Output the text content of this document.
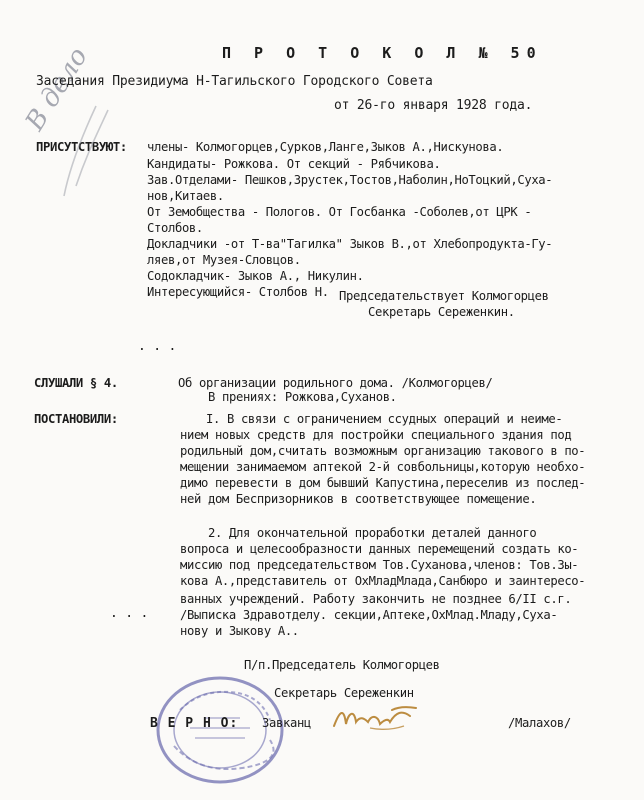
В дело	П Р О Т О К О Л № 50
Заседания Президиума Н-Тагильского Городского Совета
от 26-го января 1928 года.
ПРИСУТСТВУЮТ: члены- Колмогорцев,Сурков,Ланге,Зыков А.,Нискунова.
Кандидаты- Рожкова. От секций - Рябчикова.
Зав.Отделами- Пешков,Зрустек,Тостов,Наболин,НоТоцкий,Суха-
нов,Китаев.
От Земобщества - Пологов. От Госбанка -Соболев,от ЦРК -
Столбов.
Докладчики -от Т-ва"Тагилка" Зыков В.,от Хлебопродукта-Гу-
ляев,от Музея-Словцов.
Содокладчик- Зыков А., Никулин.
Интересующийся- Столбов Н. Председательствует Колмогорцев
Секретарь Сереженкин.
. . .
СЛУШАЛИ § 4.	Об организации родильного дома. /Колмогорцев/
В прениях: Рожкова,Суханов.
ПОСТАНОВИЛИ:	I. В связи с ограничением ссудных операций и неиме-
нием новых средств для постройки специального здания под
родильный дом,считать возможным организацию такового в по-
мещении занимаемом аптекой 2-й совбольницы,которую необхо-
димо перевести в дом бывший Капустина,переселив из послед-
ней дом Беспризорников в соответствующее помещение.
2. Для окончательной проработки деталей данного
вопроса и целесообразности данных перемещений создать ко-
миссию под председательством Тов.Суханова,членов: Тов.Зы-
кова А.,представитель от ОхМладМлада,Санбюро и заинтересо-
ванных учреждений. Работу закончить не позднее 6/II с.г.
/Выписка Здравотделу. секции,Аптеке,ОхМлад.Младу,Суха-
нову и Зыкову А..
. . .
П/п.Председатель Колмогорцев
Секретарь Сереженкин
В Е Р Н О: Завканц	/Малахов/
